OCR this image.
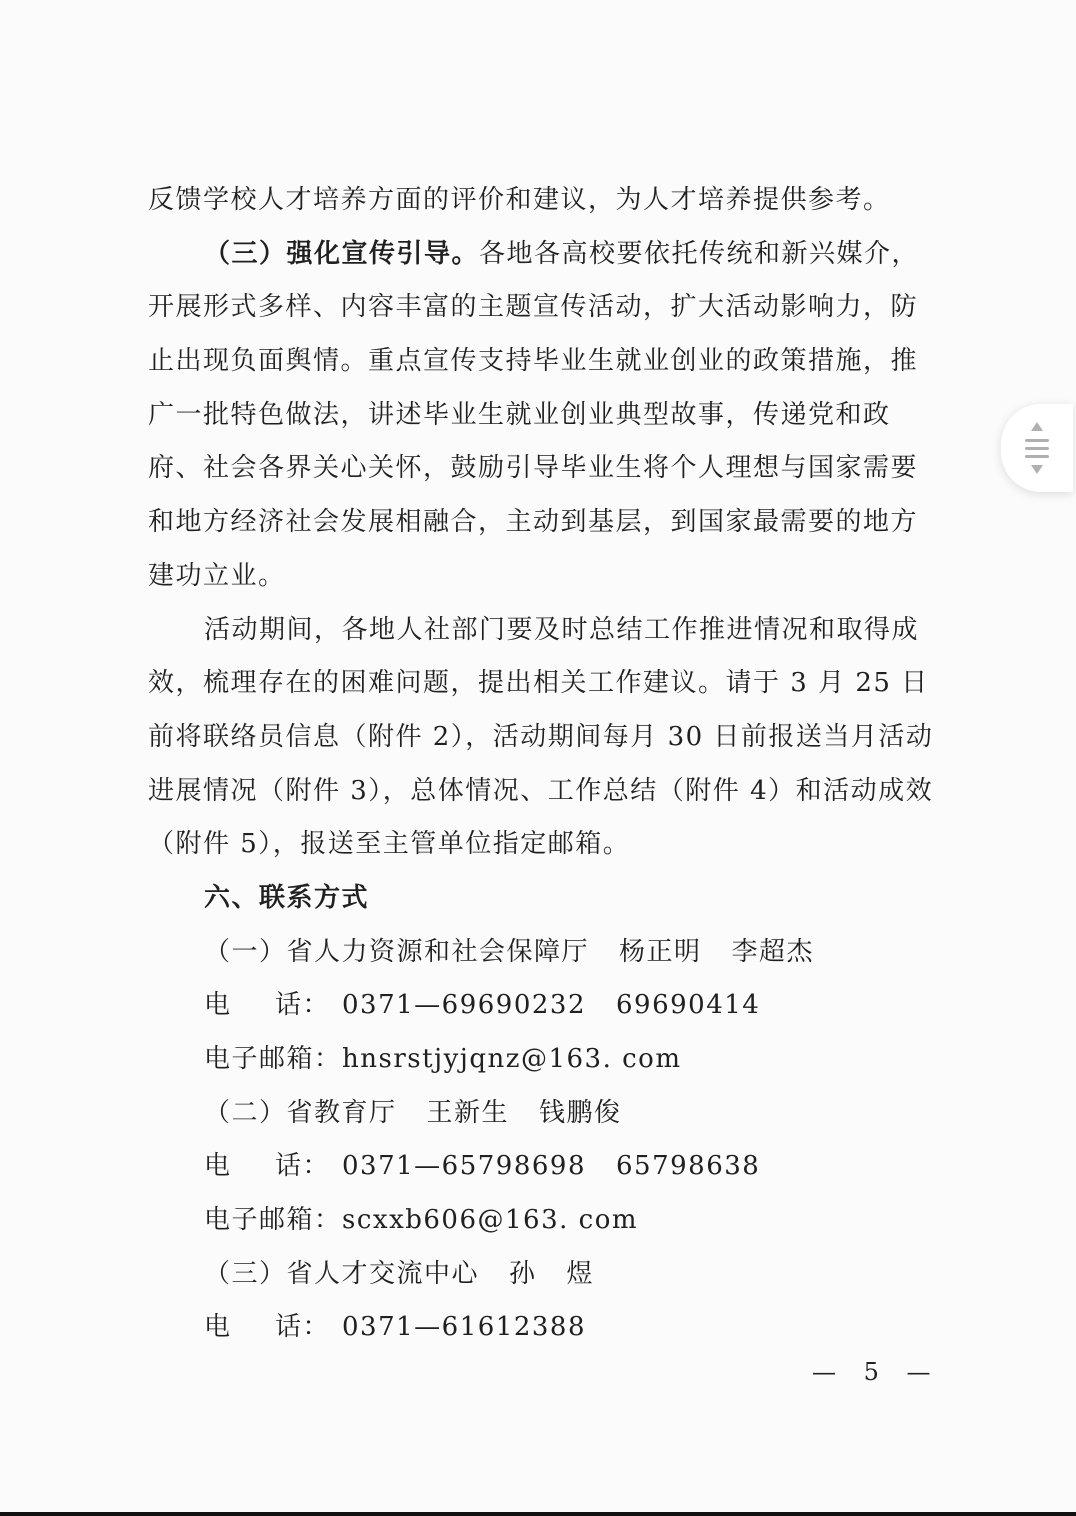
反馈学校人才培养方面的评价和建议，为人才培养提供参考。
（三）强化宣传引导。各地各高校要依托传统和新兴媒介，
开展形式多样、内容丰富的主题宣传活动，扩大活动影响力，防
止出现负面舆情。重点宣传支持毕业生就业创业的政策措施，推
广一批特色做法，讲述毕业生就业创业典型故事，传递党和政
府、社会各界关心关怀，鼓励引导毕业生将个人理想与国家需要
和地方经济社会发展相融合，主动到基层，到国家最需要的地方
建功立业。
活动期间，各地人社部门要及时总结工作推进情况和取得成
效，梳理存在的困难问题，提出相关工作建议。请于 3 月 25 日
前将联络员信息（附件 2），活动期间每月 30 日前报送当月活动
进展情况（附件 3），总体情况、工作总结（附件 4）和活动成效
（附件 5），报送至主管单位指定邮箱。
六、联系方式
（一）省人力资源和社会保障厅 杨正明 李超杰
电 话： 0371—69690232 69690414
电子邮箱：hnsrstjyjqnz@163. com
（二）省教育厅 王新生 钱鹏俊
电 话： 0371—65798698 65798638
电子邮箱：scxxb606@163. com
（三）省人才交流中心 孙 煜
电 话： 0371—61612388
— 5 —
